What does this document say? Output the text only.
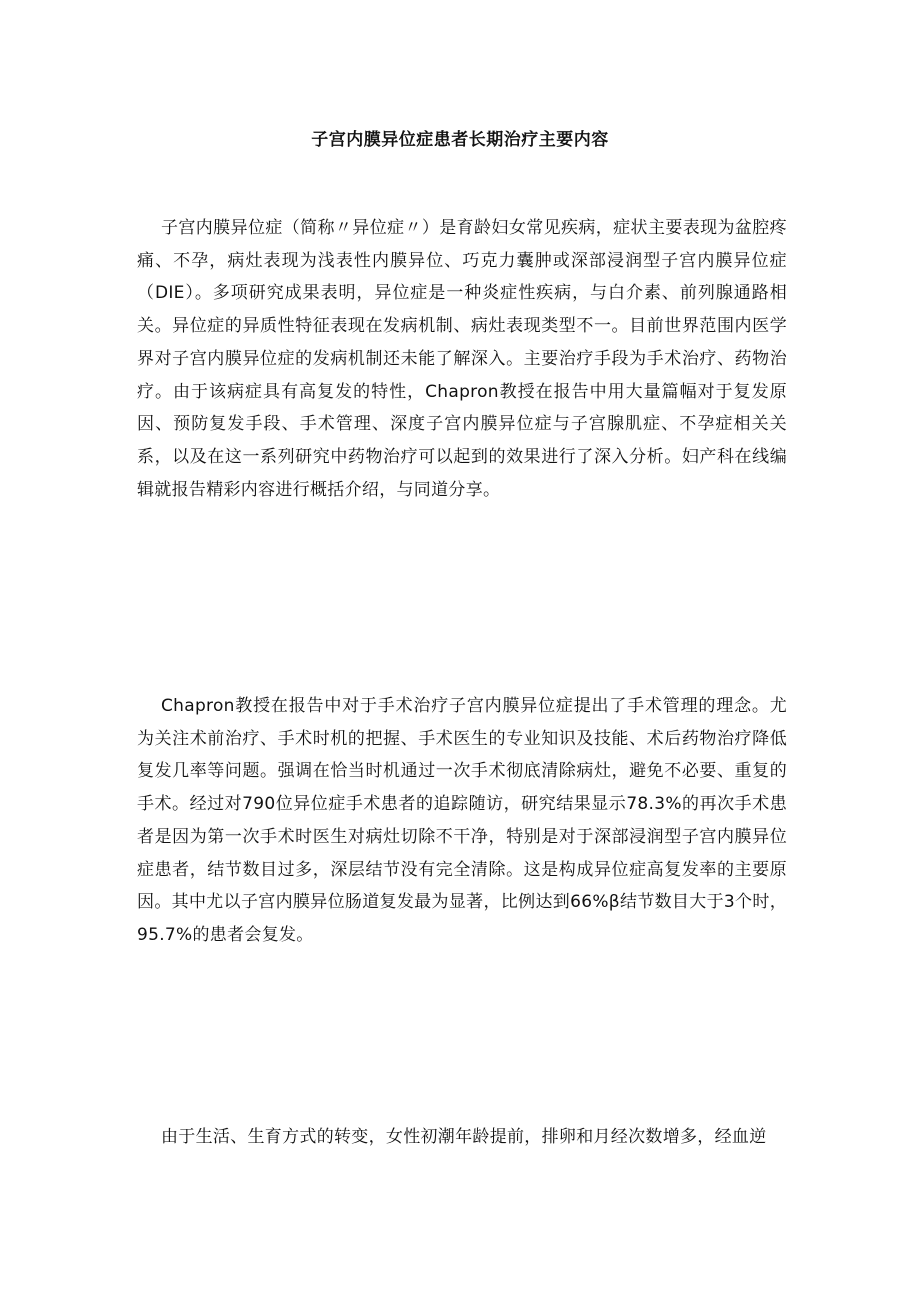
子宫内膜异位症患者长期治疗主要内容

子宫内膜异位症（简称〃异位症〃）是育龄妇女常见疾病，症状主要表现为盆腔疼痛、不孕，病灶表现为浅表性内膜异位、巧克力囊肿或深部浸润型子宫内膜异位症（DIE）。多项研究成果表明，异位症是一种炎症性疾病，与白介素、前列腺通路相关。异位症的异质性特征表现在发病机制、病灶表现类型不一。目前世界范围内医学界对子宫内膜异位症的发病机制还未能了解深入。主要治疗手段为手术治疗、药物治疗。由于该病症具有高复发的特性，Chapron教授在报告中用大量篇幅对于复发原因、预防复发手段、手术管理、深度子宫内膜异位症与子宫腺肌症、不孕症相关关系，以及在这一系列研究中药物治疗可以起到的效果进行了深入分析。妇产科在线编辑就报告精彩内容进行概括介绍，与同道分享。

Chapron教授在报告中对于手术治疗子宫内膜异位症提出了手术管理的理念。尤为关注术前治疗、手术时机的把握、手术医生的专业知识及技能、术后药物治疗降低复发几率等问题。强调在恰当时机通过一次手术彻底清除病灶，避免不必要、重复的手术。经过对790位异位症手术患者的追踪随访，研究结果显示78.3%的再次手术患者是因为第一次手术时医生对病灶切除不干净，特别是对于深部浸润型子宫内膜异位症患者，结节数目过多，深层结节没有完全清除。这是构成异位症高复发率的主要原因。其中尤以子宫内膜异位肠道复发最为显著，比例达到66%β结节数目大于3个时，95.7%的患者会复发。

由于生活、生育方式的转变，女性初潮年龄提前，排卵和月经次数增多，经血逆
